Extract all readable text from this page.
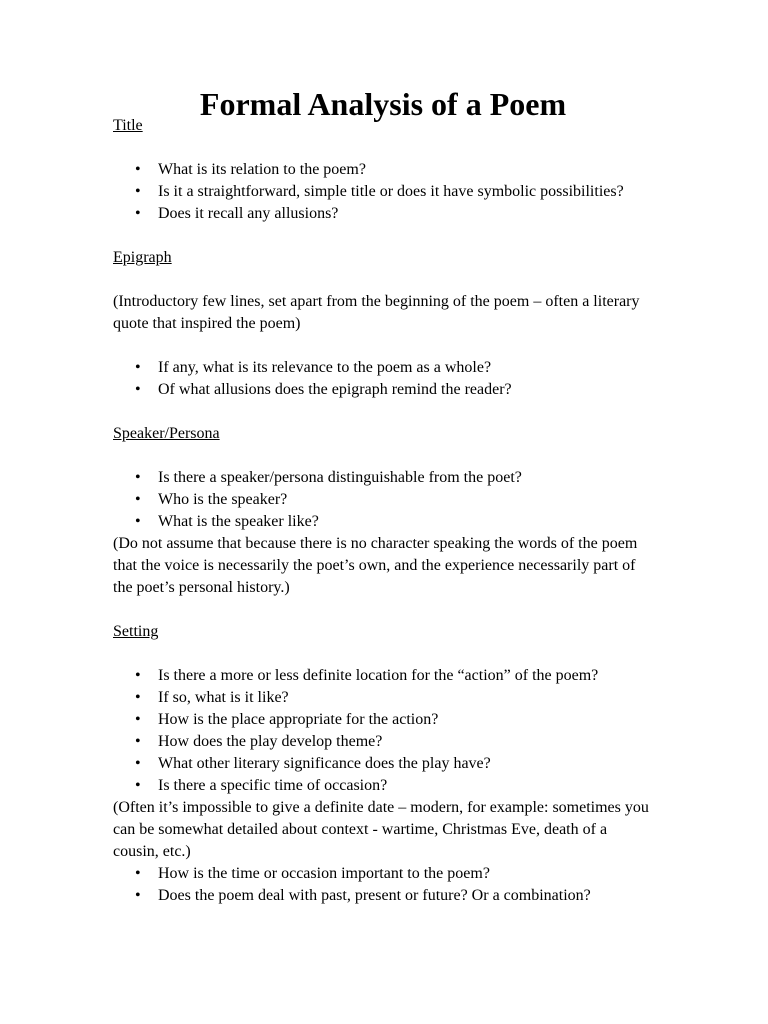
Formal Analysis of a Poem
Title
• What is its relation to the poem?
• Is it a straightforward, simple title or does it have symbolic possibilities?
• Does it recall any allusions?
Epigraph

(Introductory few lines, set apart from the beginning of the poem – often a literary quote that inspired the poem)

• If any, what is its relevance to the poem as a whole?
• Of what allusions does the epigraph remind the reader?
Speaker/Persona
• Is there a speaker/persona distinguishable from the poet?
• Who is the speaker?
• What is the speaker like?

(Do not assume that because there is no character speaking the words of the poem that the voice is necessarily the poet’s own, and the experience necessarily part of the poet’s personal history.)

Setting
• Is there a more or less definite location for the “action” of the poem?
• If so, what is it like?
• How is the place appropriate for the action?
• How does the play develop theme?
• What other literary significance does the play have?
• Is there a specific time of occasion?

(Often it’s impossible to give a definite date – modern, for example: sometimes you can be somewhat detailed about context - wartime, Christmas Eve, death of a cousin, etc.)

• How is the time or occasion important to the poem?
• Does the poem deal with past, present or future? Or a combination?
